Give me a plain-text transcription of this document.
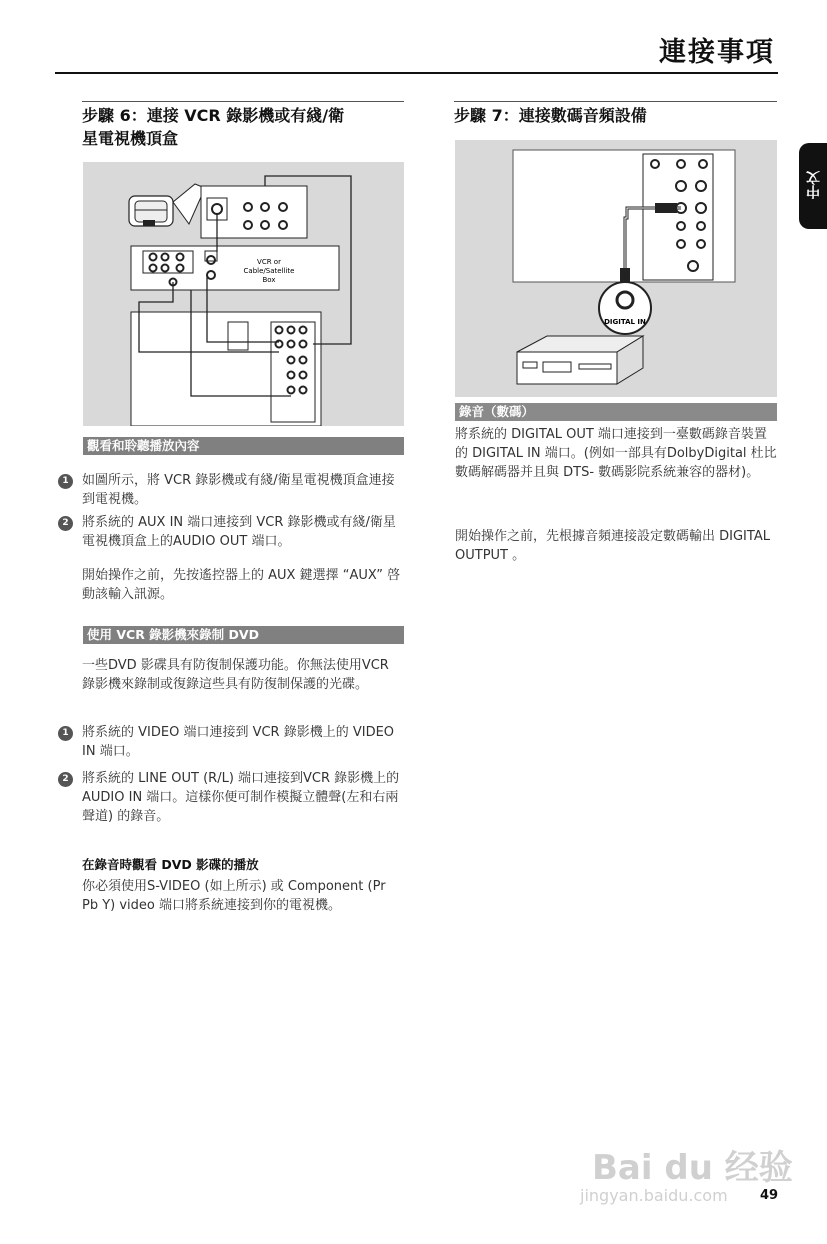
連接事項
中文
步驟 6：連接 VCR 錄影機或有綫/衛
星電視機頂盒
VCR or
Cable/Satellite
Box
觀看和聆聽播放內容
1	如圖所示，將 VCR 錄影機或有綫/衛星電視機頂盒連接到電視機。
2	將系統的 AUX IN 端口連接到 VCR 錄影機或有綫/衛星電視機頂盒上的AUDIO OUT 端口。
開始操作之前，先按遙控器上的 AUX 鍵選擇 “AUX” 啓動該輸入訊源。
使用 VCR 錄影機來錄制 DVD
一些DVD 影碟具有防復制保護功能。你無法使用VCR 錄影機來錄制或復錄這些具有防復制保護的光碟。
1	將系統的 VIDEO 端口連接到 VCR 錄影機上的 VIDEO IN 端口。
2	將系統的 LINE OUT (R/L) 端口連接到VCR 錄影機上的AUDIO IN 端口。這樣你便可制作模擬立體聲(左和右兩聲道) 的錄音。
在錄音時觀看 DVD 影碟的播放
你必須使用S-VIDEO (如上所示) 或 Component (Pr Pb Y) video 端口將系統連接到你的電視機。
步驟 7：連接數碼音頻設備
DIGITAL IN
錄音（數碼）
將系統的 DIGITAL OUT 端口連接到一臺數碼錄音裝置的 DIGITAL IN 端口。(例如一部具有DolbyDigital 杜比數碼解碼器并且與 DTS- 數碼影院系統兼容的器材)。
開始操作之前，先根據音頻連接設定數碼輸出 DIGITAL OUTPUT 。
Bai du 经验
jingyan.baidu.com 49
